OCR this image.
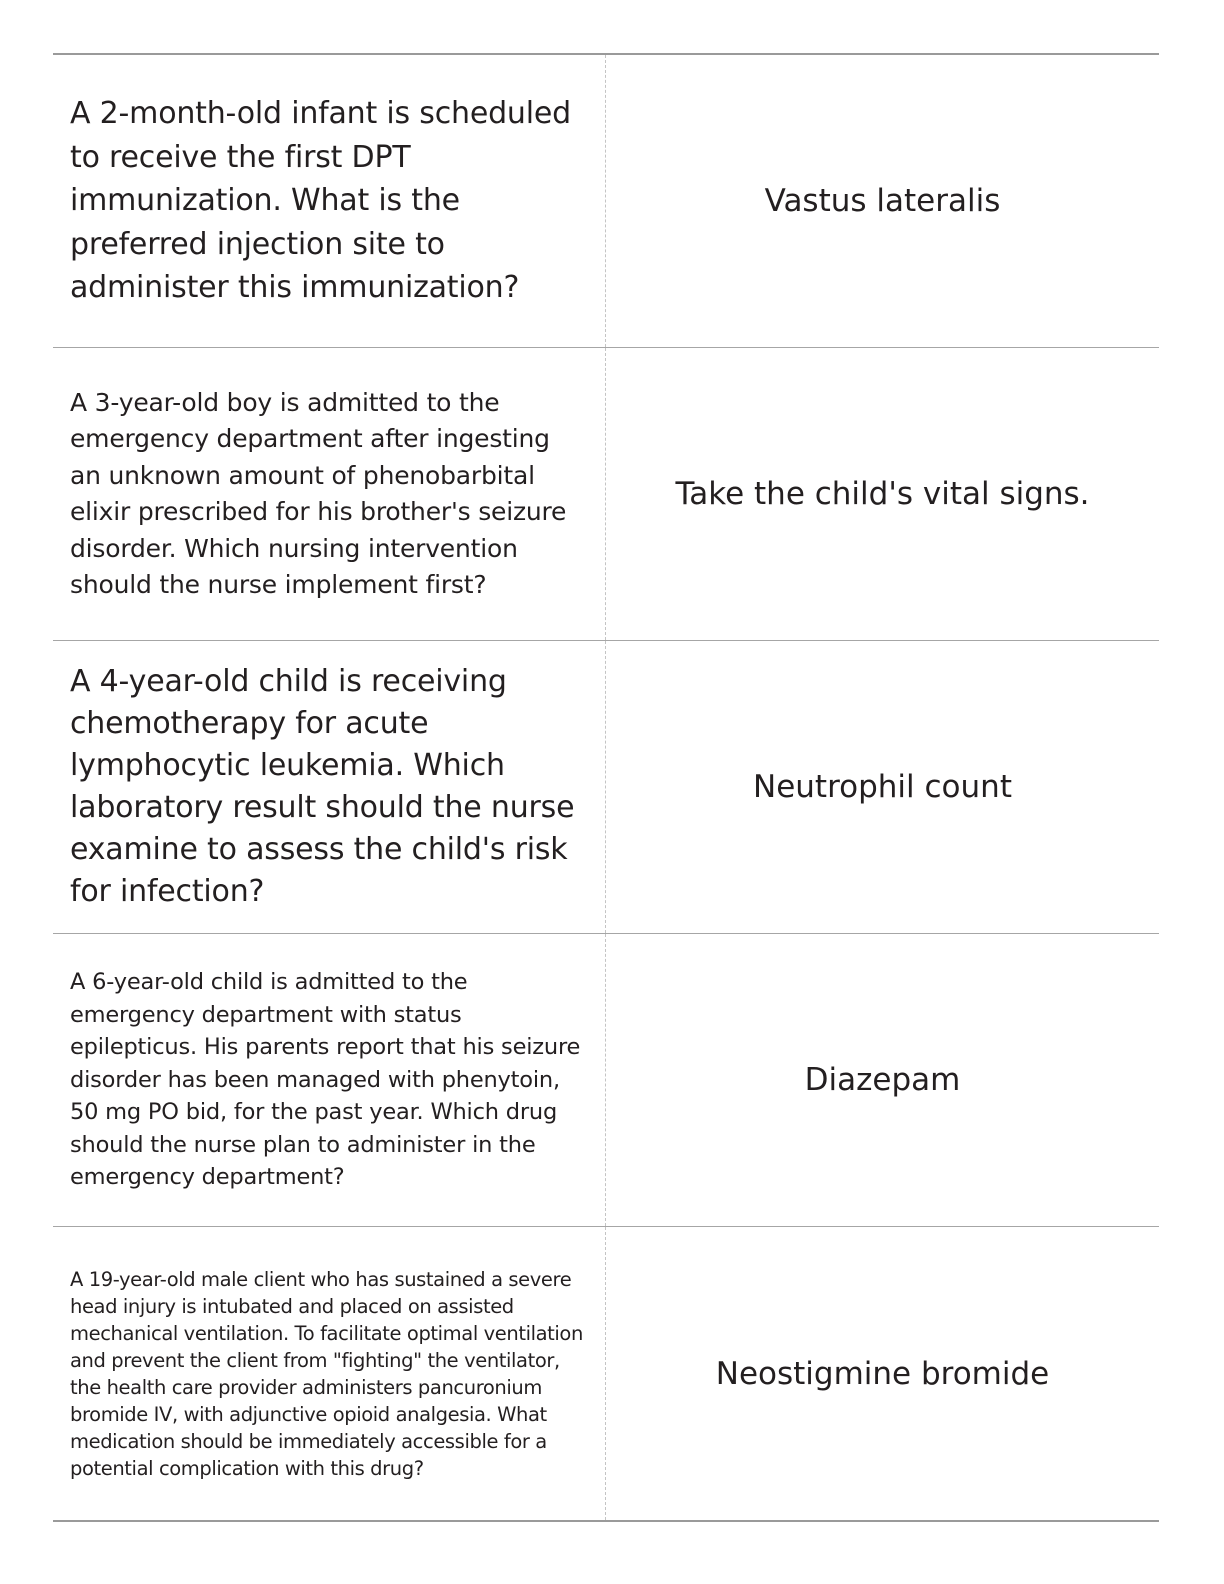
A 2-month-old infant is scheduled to receive the first DPT immunization. What is the preferred injection site to administer this immunization?
Vastus lateralis
A 3-year-old boy is admitted to the emergency department after ingesting an unknown amount of phenobarbital elixir prescribed for his brother's seizure disorder. Which nursing intervention should the nurse implement first?
Take the child's vital signs.
A 4-year-old child is receiving chemotherapy for acute lymphocytic leukemia. Which laboratory result should the nurse examine to assess the child's risk for infection?
Neutrophil count
A 6-year-old child is admitted to the emergency department with status epilepticus. His parents report that his seizure disorder has been managed with phenytoin, 50 mg PO bid, for the past year. Which drug should the nurse plan to administer in the emergency department?
Diazepam
A 19-year-old male client who has sustained a severe head injury is intubated and placed on assisted mechanical ventilation. To facilitate optimal ventilation and prevent the client from "fighting" the ventilator, the health care provider administers pancuronium bromide IV, with adjunctive opioid analgesia. What medication should be immediately accessible for a potential complication with this drug?
Neostigmine bromide
